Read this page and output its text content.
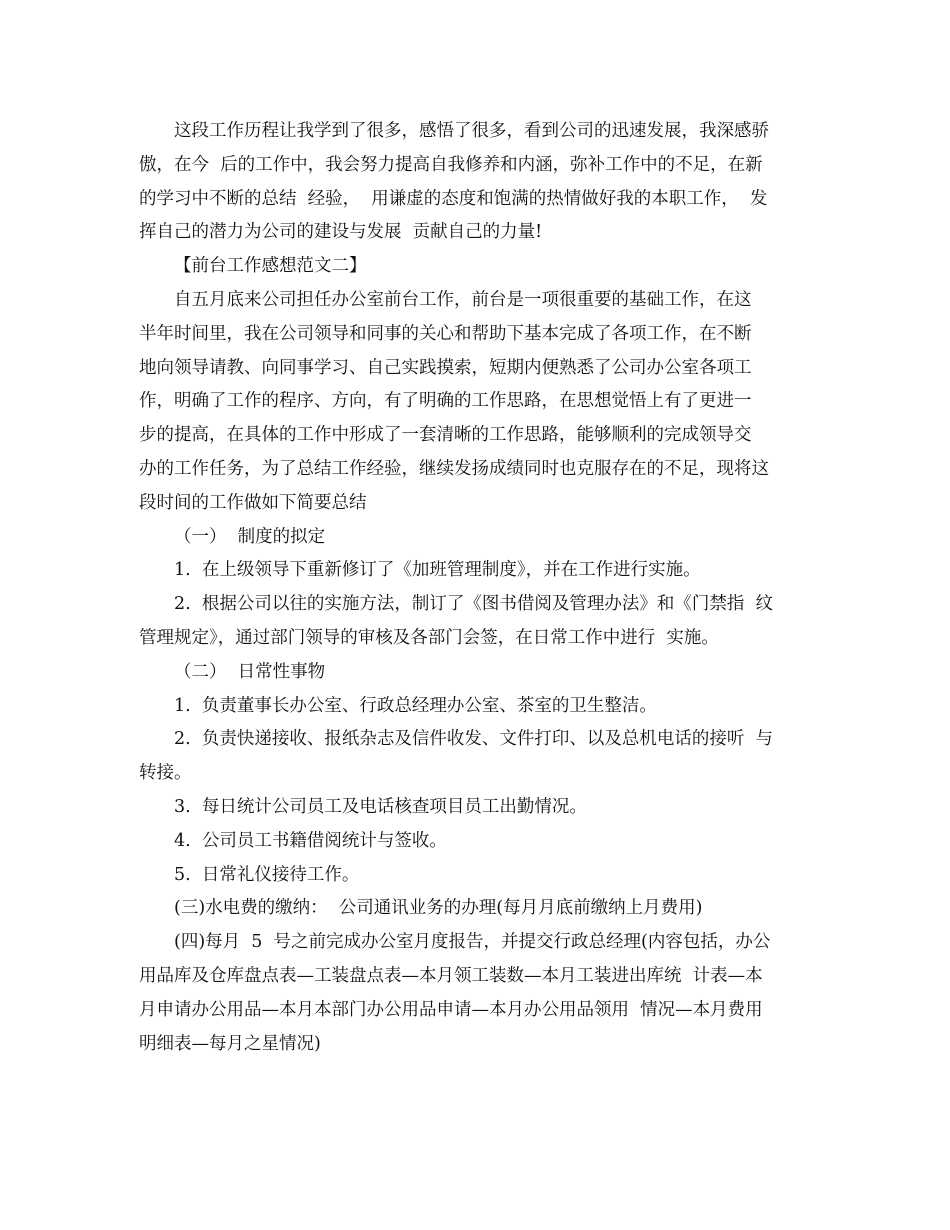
这段工作历程让我学到了很多，感悟了很多，看到公司的迅速发展，我深感骄
傲，在今  后的工作中，我会努力提高自我修养和内涵，弥补工作中的不足，在新
的学习中不断的总结  经验，  用谦虚的态度和饱满的热情做好我的本职工作，  发
挥自己的潜力为公司的建设与发展  贡献自己的力量!

【前台工作感想范文二】

自五月底来公司担任办公室前台工作，前台是一项很重要的基础工作，在这
半年时间里，我在公司领导和同事的关心和帮助下基本完成了各项工作，在不断
地向领导请教、向同事学习、自己实践摸索，短期内便熟悉了公司办公室各项工
作，明确了工作的程序、方向，有了明确的工作思路，在思想觉悟上有了更进一
步的提高，在具体的工作中形成了一套清晰的工作思路，能够顺利的完成领导交
办的工作任务，为了总结工作经验，继续发扬成绩同时也克服存在的不足，现将这
段时间的工作做如下简要总结

（一）  制度的拟定

1.  在上级领导下重新修订了《加班管理制度》，并在工作进行实施。

2.  根据公司以往的实施方法，制订了《图书借阅及管理办法》和《门禁指  纹
管理规定》，通过部门领导的审核及各部门会签，在日常工作中进行  实施。

（二）  日常性事物

1.  负责董事长办公室、行政总经理办公室、茶室的卫生整洁。

2.  负责快递接收、报纸杂志及信件收发、文件打印、以及总机电话的接听  与
转接。

3.  每日统计公司员工及电话核查项目员工出勤情况。

4.  公司员工书籍借阅统计与签收。

5.  日常礼仪接待工作。

(三)水电费的缴纳：  公司通讯业务的办理(每月月底前缴纳上月费用)

(四)每月  5  号之前完成办公室月度报告，并提交行政总经理(内容包括，办公
用品库及仓库盘点表—工装盘点表—本月领工装数—本月工装进出库统  计表—本
月申请办公用品—本月本部门办公用品申请—本月办公用品领用  情况—本月费用
明细表—每月之星情况)
